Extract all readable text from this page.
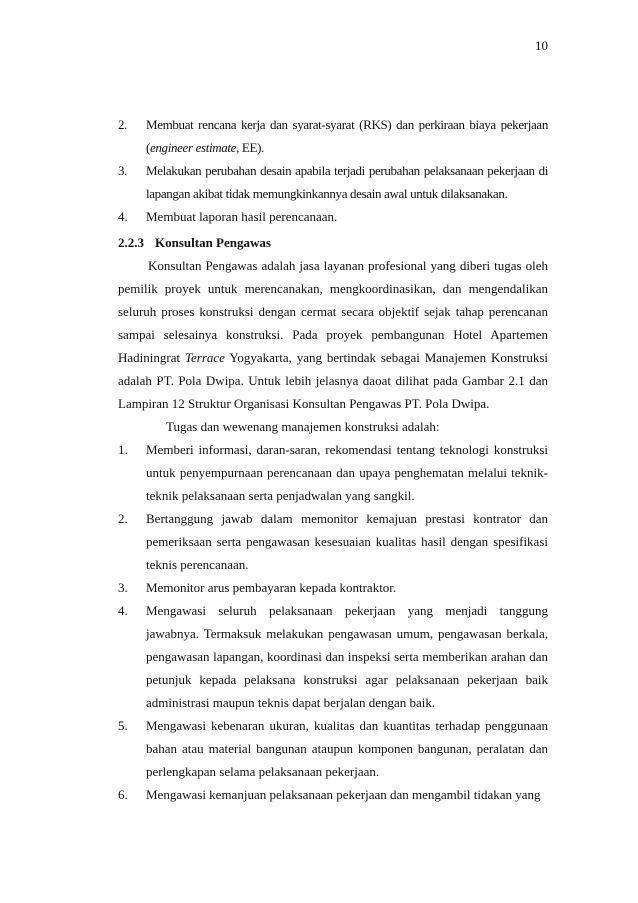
10
2. Membuat rencana kerja dan syarat-syarat (RKS) dan perkiraan biaya pekerjaan (engineer estimate, EE).
3. Melakukan perubahan desain apabila terjadi perubahan pelaksanaan pekerjaan di lapangan akibat tidak memungkinkannya desain awal untuk dilaksanakan.
4. Membuat laporan hasil perencanaan.
2.2.3 Konsultan Pengawas

Konsultan Pengawas adalah jasa layanan profesional yang diberi tugas oleh pemilik proyek untuk merencanakan, mengkoordinasikan, dan mengendalikan seluruh proses konstruksi dengan cermat secara objektif sejak tahap perencanan sampai selesainya konstruksi. Pada proyek pembangunan Hotel Apartemen Hadiningrat Terrace Yogyakarta, yang bertindak sebagai Manajemen Konstruksi adalah PT. Pola Dwipa. Untuk lebih jelasnya daoat dilihat pada Gambar 2.1 dan Lampiran 12 Struktur Organisasi Konsultan Pengawas PT. Pola Dwipa.

Tugas dan wewenang manajemen konstruksi adalah:

1. Memberi informasi, daran-saran, rekomendasi tentang teknologi konstruksi untuk penyempurnaan perencanaan dan upaya penghematan melalui teknik-teknik pelaksanaan serta penjadwalan yang sangkil.
2. Bertanggung jawab dalam memonitor kemajuan prestasi kontrator dan pemeriksaan serta pengawasan kesesuaian kualitas hasil dengan spesifikasi teknis perencanaan.
3. Memonitor arus pembayaran kepada kontraktor.
4. Mengawasi seluruh pelaksanaan pekerjaan yang menjadi tanggung jawabnya. Termaksuk melakukan pengawasan umum, pengawasan berkala, pengawasan lapangan, koordinasi dan inspeksi serta memberikan arahan dan petunjuk kepada pelaksana konstruksi agar pelaksanaan pekerjaan baik administrasi maupun teknis dapat berjalan dengan baik.
5. Mengawasi kebenaran ukuran, kualitas dan kuantitas terhadap penggunaan bahan atau material bangunan ataupun komponen bangunan, peralatan dan perlengkapan selama pelaksanaan pekerjaan.
6. Mengawasi kemanjuan pelaksanaan pekerjaan dan mengambil tidakan yang
